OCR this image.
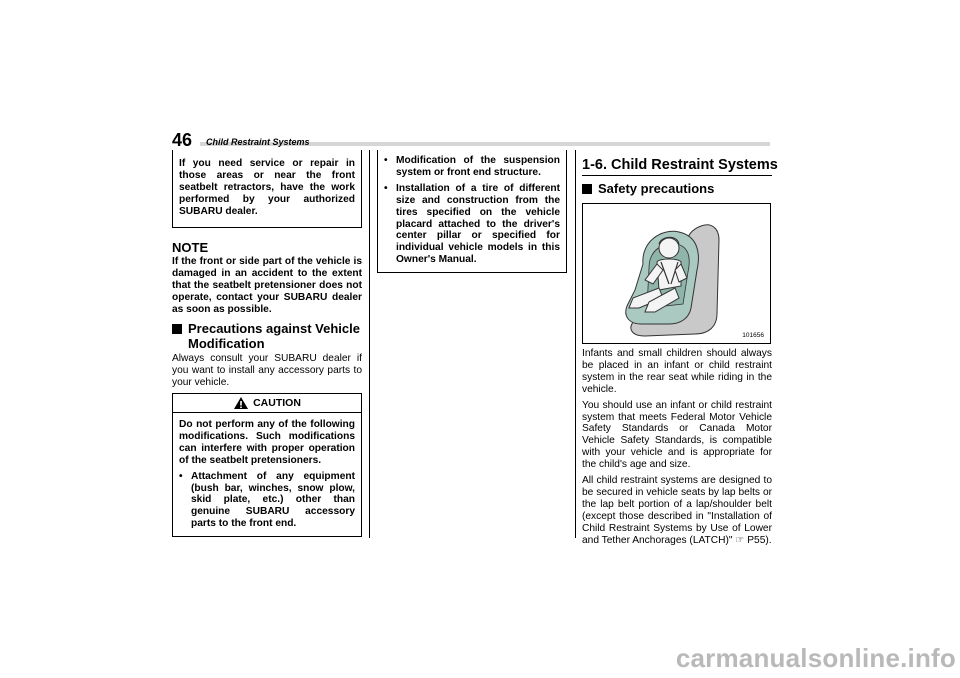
46 Child Restraint Systems
If you need service or repair in those areas or near the front seatbelt retractors, have the work performed by your authorized SUBARU dealer.
NOTE
If the front or side part of the vehicle is damaged in an accident to the extent that the seatbelt pretensioner does not operate, contact your SUBARU dealer as soon as possible.
Precautions against Vehicle
Modification
Always consult your SUBARU dealer if you want to install any accessory parts to your vehicle.
CAUTION
Do not perform any of the following modifications. Such modifications can interfere with proper operation of the seatbelt pretensioners.
• Attachment of any equipment (bush bar, winches, snow plow, skid plate, etc.) other than genuine SUBARU accessory parts to the front end.
• Modification of the suspension system or front end structure.
• Installation of a tire of different size and construction from the tires specified on the vehicle placard attached to the driver's center pillar or specified for individual vehicle models in this Owner's Manual.
1-6. Child Restraint Systems
Safety precautions
101656

Infants and small children should always be placed in an infant or child restraint system in the rear seat while riding in the vehicle.

You should use an infant or child restraint system that meets Federal Motor Vehicle Safety Standards or Canada Motor Vehicle Safety Standards, is compatible with your vehicle and is appropriate for the child's age and size.

All child restraint systems are designed to be secured in vehicle seats by lap belts or the lap belt portion of a lap/shoulder belt (except those described in "Installation of Child Restraint Systems by Use of Lower and Tether Anchorages (LATCH)" ☞ P55).

carmanualsonline.info
